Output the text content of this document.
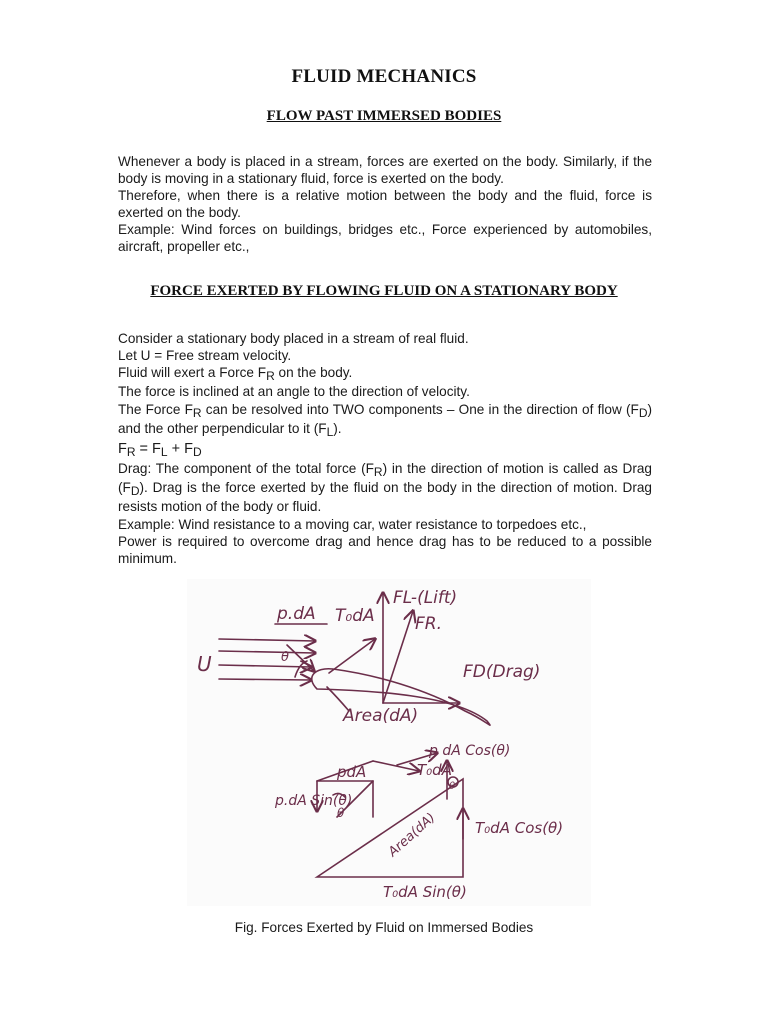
FLUID MECHANICS
FLOW PAST IMMERSED BODIES

Whenever a body is placed in a stream, forces are exerted on the body. Similarly, if the body is moving in a stationary fluid, force is exerted on the body.

Therefore, when there is a relative motion between the body and the fluid, force is exerted on the body.

Example: Wind forces on buildings, bridges etc., Force experienced by automobiles, aircraft, propeller etc.,

FORCE EXERTED BY FLOWING FLUID ON A STATIONARY BODY

Consider a stationary body placed in a stream of real fluid.

Let U = Free stream velocity.

Fluid will exert a Force $F_R$ on the body.

The force is inclined at an angle to the direction of velocity.

The Force $F_R$ can be resolved into TWO components – One in the direction of flow $(F_D)$ and the other perpendicular to it $(F_L)$.

$F_R = F_L + F_D$

Drag: The component of the total force $(F_R)$ in the direction of motion is called as Drag $(F_D)$. Drag is the force exerted by the fluid on the body in the direction of motion. Drag resists motion of the body or fluid.

Example: Wind resistance to a moving car, water resistance to torpedoes etc.,

Power is required to overcome drag and hence drag has to be reduced to a possible minimum.

U
p.dA
θ
T₀dA
FL-(Lift)
FR.
FD(Drag)
Area(dA)
p dA Cos(θ)
pdA	T₀dA
p.dA Sin(θ)
θ
θ
Area(dA) T₀dA Cos(θ)
T₀dA Sin(θ)
Fig. Forces Exerted by Fluid on Immersed Bodies
